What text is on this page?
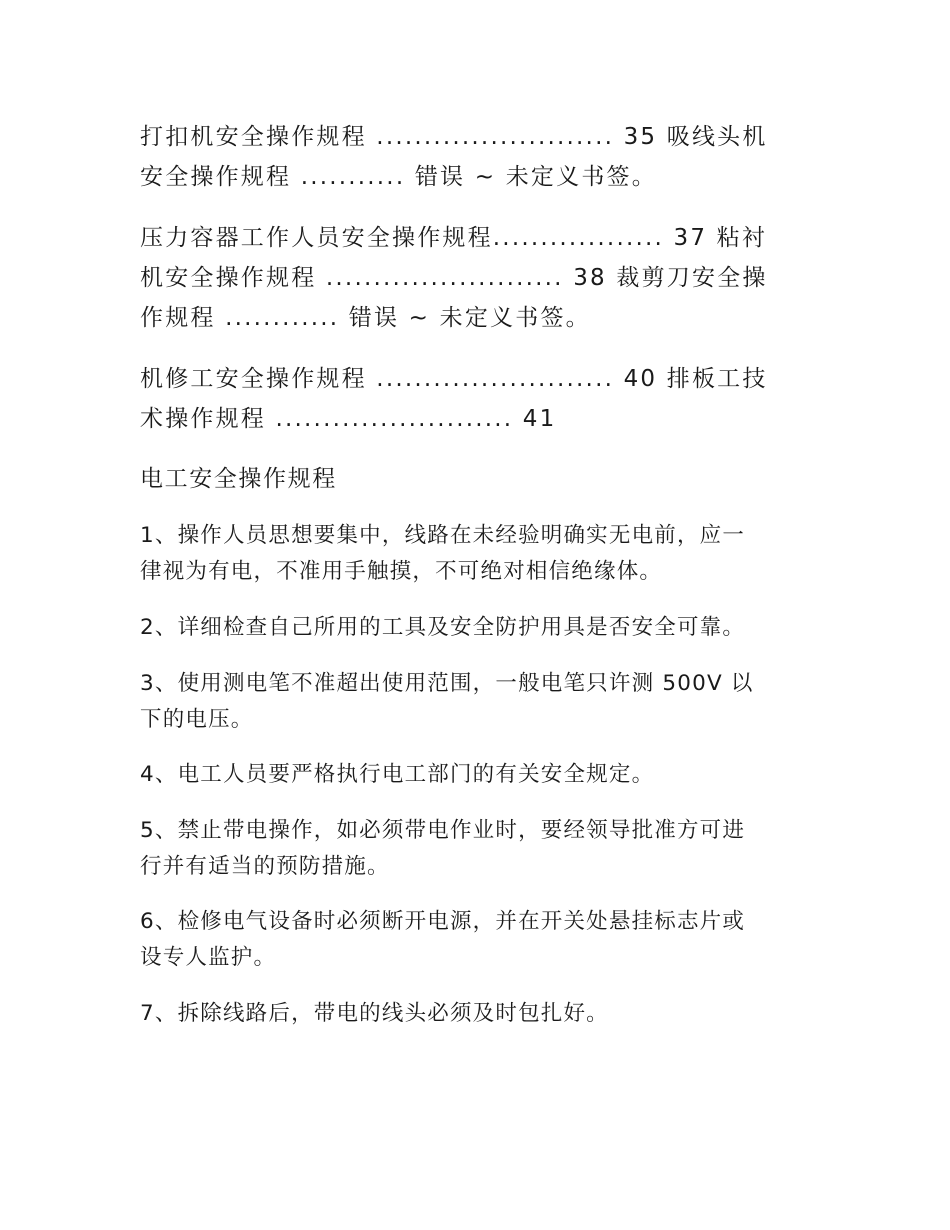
打扣机安全操作规程 ......................... 35 吸线头机
安全操作规程 ........... 错误 ~ 未定义书签。
压力容器工作人员安全操作规程.................. 37 粘衬
机安全操作规程 ......................... 38 裁剪刀安全操
作规程 ............ 错误 ~ 未定义书签。
机修工安全操作规程 ......................... 40 排板工技
术操作规程 ......................... 41
电工安全操作规程
1、操作人员思想要集中，线路在未经验明确实无电前，应一
律视为有电，不准用手触摸，不可绝对相信绝缘体。
2、详细检查自己所用的工具及安全防护用具是否安全可靠。
3、使用测电笔不准超出使用范围，一般电笔只许测 500V 以
下的电压。
4、电工人员要严格执行电工部门的有关安全规定。
5、禁止带电操作，如必须带电作业时，要经领导批准方可进
行并有适当的预防措施。
6、检修电气设备时必须断开电源，并在开关处悬挂标志片或
设专人监护。
7、拆除线路后，带电的线头必须及时包扎好。
